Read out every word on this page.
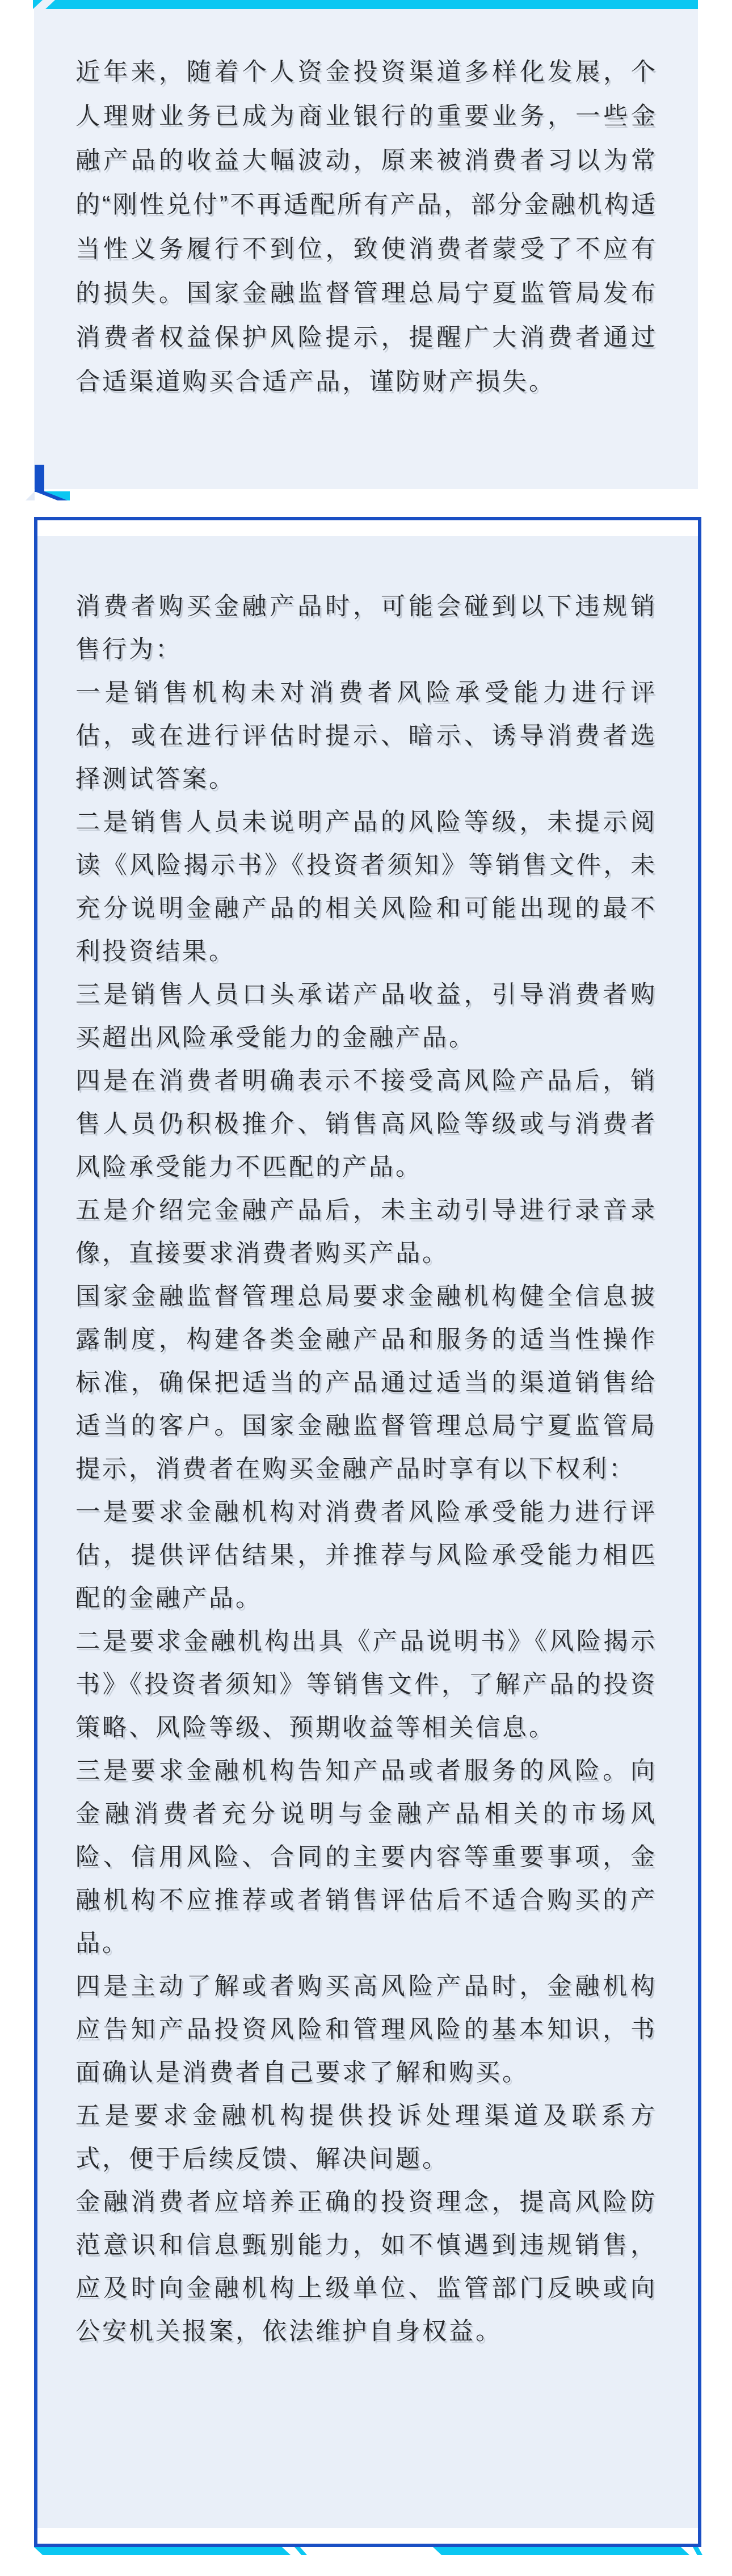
近年来，随着个人资金投资渠道多样化发展，个人理财业务已成为商业银行的重要业务，一些金融产品的收益大幅波动，原来被消费者习以为常的“刚性兑付”不再适配所有产品，部分金融机构适当性义务履行不到位，致使消费者蒙受了不应有的损失。国家金融监督管理总局宁夏监管局发布消费者权益保护风险提示，提醒广大消费者通过合适渠道购买合适产品，谨防财产损失。

消费者购买金融产品时，可能会碰到以下违规销售行为：

一是销售机构未对消费者风险承受能力进行评估，或在进行评估时提示、暗示、诱导消费者选择测试答案。

二是销售人员未说明产品的风险等级，未提示阅读《风险揭示书》《投资者须知》等销售文件，未充分说明金融产品的相关风险和可能出现的最不利投资结果。

三是销售人员口头承诺产品收益，引导消费者购买超出风险承受能力的金融产品。

四是在消费者明确表示不接受高风险产品后，销售人员仍积极推介、销售高风险等级或与消费者风险承受能力不匹配的产品。

五是介绍完金融产品后，未主动引导进行录音录像，直接要求消费者购买产品。

国家金融监督管理总局要求金融机构健全信息披露制度，构建各类金融产品和服务的适当性操作标准，确保把适当的产品通过适当的渠道销售给适当的客户。国家金融监督管理总局宁夏监管局提示，消费者在购买金融产品时享有以下权利：

一是要求金融机构对消费者风险承受能力进行评估，提供评估结果，并推荐与风险承受能力相匹配的金融产品。

二是要求金融机构出具《产品说明书》《风险揭示书》《投资者须知》等销售文件，了解产品的投资策略、风险等级、预期收益等相关信息。

三是要求金融机构告知产品或者服务的风险。向金融消费者充分说明与金融产品相关的市场风险、信用风险、合同的主要内容等重要事项，金融机构不应推荐或者销售评估后不适合购买的产品。

四是主动了解或者购买高风险产品时，金融机构应告知产品投资风险和管理风险的基本知识，书面确认是消费者自己要求了解和购买。

五是要求金融机构提供投诉处理渠道及联系方式，便于后续反馈、解决问题。

金融消费者应培养正确的投资理念，提高风险防范意识和信息甄别能力，如不慎遇到违规销售，应及时向金融机构上级单位、监管部门反映或向公安机关报案，依法维护自身权益。
